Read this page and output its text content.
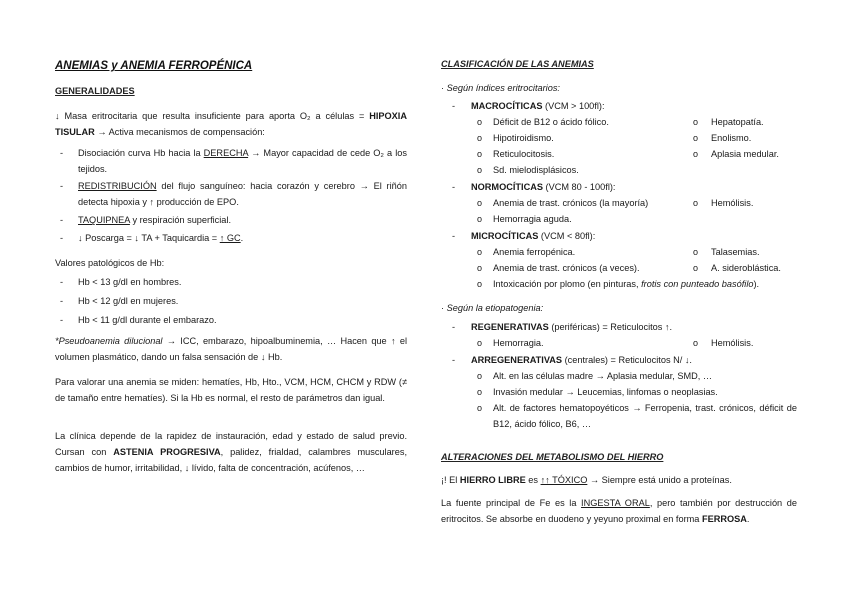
ANEMIAS y ANEMIA FERROPÉNICA
GENERALIDADES
↓ Masa eritrocitaria que resulta insuficiente para aporta O₂ a células = HIPOXIA TISULAR → Activa mecanismos de compensación:
- Disociación curva Hb hacia la DERECHA → Mayor capacidad de cede O₂ a los tejidos.
- REDISTRIBUCIÓN del flujo sanguíneo: hacia corazón y cerebro → El riñón detecta hipoxia y ↑ producción de EPO.
- TAQUIPNEA y respiración superficial.
- ↓ Poscarga = ↓ TA + Taquicardia = ↑ GC.
Valores patológicos de Hb:
- Hb < 13 g/dl en hombres.
- Hb < 12 g/dl en mujeres.
- Hb < 11 g/dl durante el embarazo.
*Pseudoanemia dilucional → ICC, embarazo, hipoalbuminemia, … Hacen que ↑ el volumen plasmático, dando un falsa sensación de ↓ Hb.
Para valorar una anemia se miden: hematíes, Hb, Hto., VCM, HCM, CHCM y RDW (≠ de tamaño entre hematíes). Si la Hb es normal, el resto de parámetros dan igual.
La clínica depende de la rapidez de instauración, edad y estado de salud previo. Cursan con ASTENIA PROGRESIVA, palidez, frialdad, calambres musculares, cambios de humor, irritabilidad, ↓ lívido, falta de concentración, acúfenos, …
CLASIFICACIÓN DE LAS ANEMIAS
· Según índices eritrocitarios:
- MACROCÍTICAS (VCM > 100fl):
o Déficit de B12 o ácido fólico.	o Hepatopatía.
o Hipotiroidismo.	o Enolismo.
o Reticulocitosis.	o Aplasia medular.
o Sd. mielodisplásicos.
- NORMOCÍTICAS (VCM 80 - 100fl):
o Anemia de trast. crónicos (la mayoría)	o Hemólisis.
o Hemorragia aguda.
- MICROCÍTICAS (VCM < 80fl):
o Anemia ferropénica.	o Talasemias.
o Anemia de trast. crónicos (a veces).	o A. sideroblástica.
o Intoxicación por plomo (en pinturas, frotis con punteado basófilo).
· Según la etiopatogenia:
- REGENERATIVAS (periféricas) = Reticulocitos ↑.
o Hemorragia.	o Hemólisis.
- ARREGENERATIVAS (centrales) = Reticulocitos N/ ↓.
o Alt. en las células madre → Aplasia medular, SMD, …
o Invasión medular → Leucemias, linfomas o neoplasias.
o Alt. de factores hematopoyéticos → Ferropenia, trast. crónicos, déficit de B12, ácido fólico, B6, …
ALTERACIONES DEL METABOLISMO DEL HIERRO
¡! El HIERRO LIBRE es ↑↑ TÓXICO → Siempre está unido a proteínas.
La fuente principal de Fe es la INGESTA ORAL, pero también por destrucción de eritrocitos. Se absorbe en duodeno y yeyuno proximal en forma FERROSA.
